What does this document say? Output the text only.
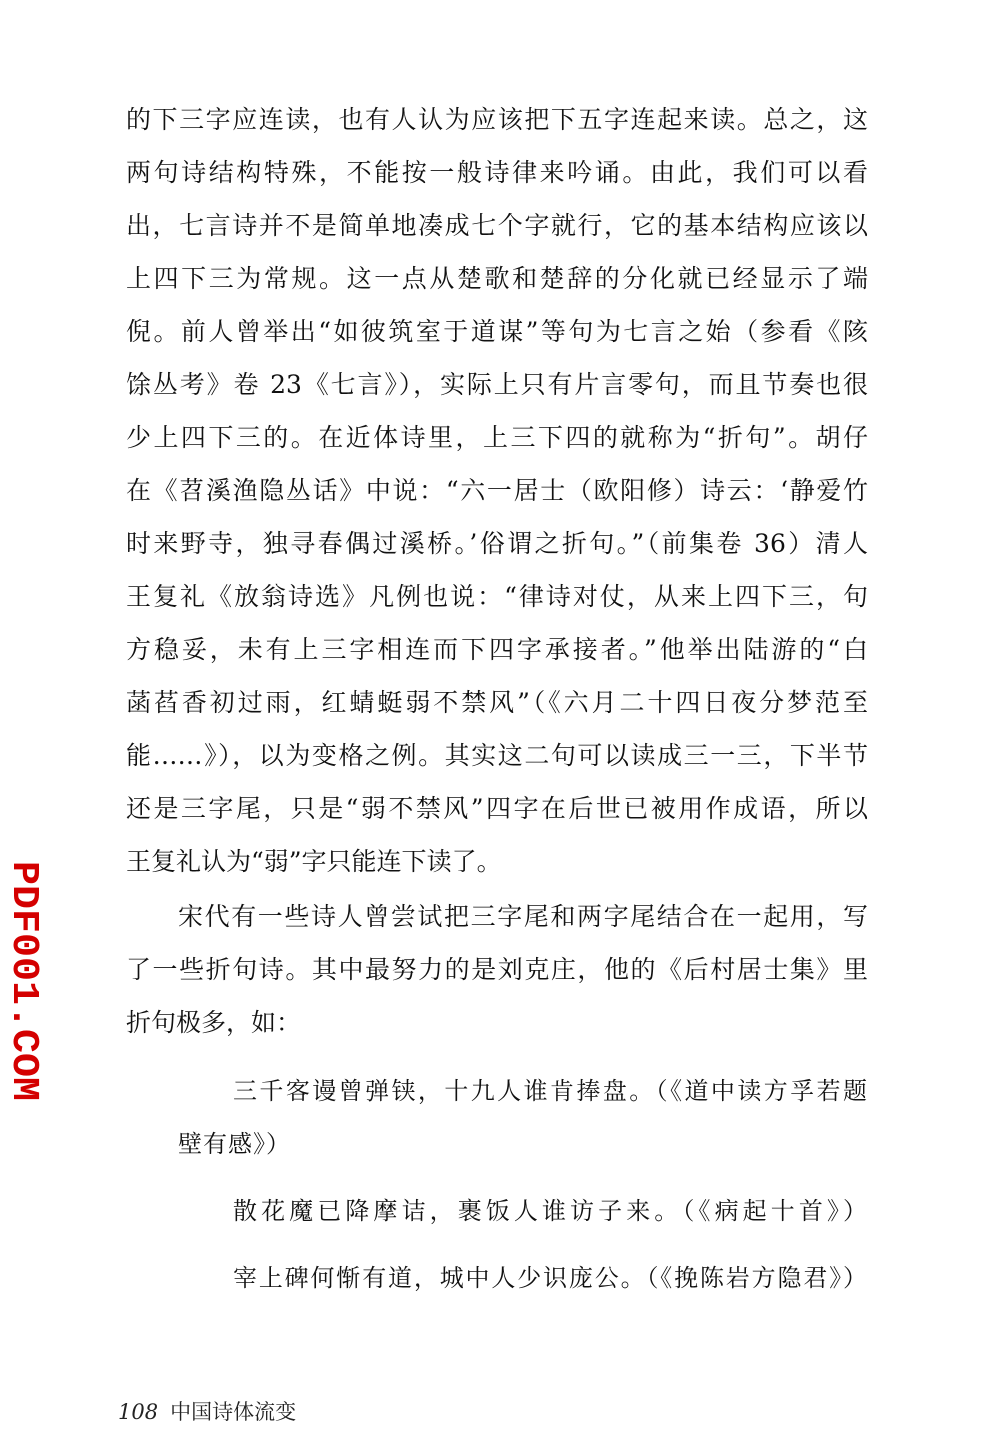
的下三字应连读，也有人认为应该把下五字连起来读。总之，这
两句诗结构特殊，不能按一般诗律来吟诵。由此，我们可以看
出，七言诗并不是简单地凑成七个字就行，它的基本结构应该以
上四下三为常规。这一点从楚歌和楚辞的分化就已经显示了端
倪。前人曾举出“如彼筑室于道谋”等句为七言之始（参看《陔
馀丛考》卷 23《七言》），实际上只有片言零句，而且节奏也很
少上四下三的。在近体诗里，上三下四的就称为“折句”。胡仔
在《苕溪渔隐丛话》中说：“六一居士（欧阳修）诗云：‘静爱竹
时来野寺，独寻春偶过溪桥。’俗谓之折句。”（前集卷 36）清人
王复礼《放翁诗选》凡例也说：“律诗对仗，从来上四下三，句
方稳妥，未有上三字相连而下四字承接者。”他举出陆游的“白
菡萏香初过雨，红蜻蜓弱不禁风”（《六月二十四日夜分梦范至
能……》），以为变格之例。其实这二句可以读成三一三，下半节
还是三字尾，只是“弱不禁风”四字在后世已被用作成语，所以
王复礼认为“弱”字只能连下读了。
宋代有一些诗人曾尝试把三字尾和两字尾结合在一起用，写
了一些折句诗。其中最努力的是刘克庄，他的《后村居士集》里
折句极多，如：
三千客谩曾弹铗，十九人谁肯捧盘。（《道中读方孚若题
壁有感》）
散花魔已降摩诘，裹饭人谁访子来。（《病起十首》）
宰上碑何惭有道，城中人少识庞公。（《挽陈岩方隐君》）
108 中国诗体流变
PDF001.COM
